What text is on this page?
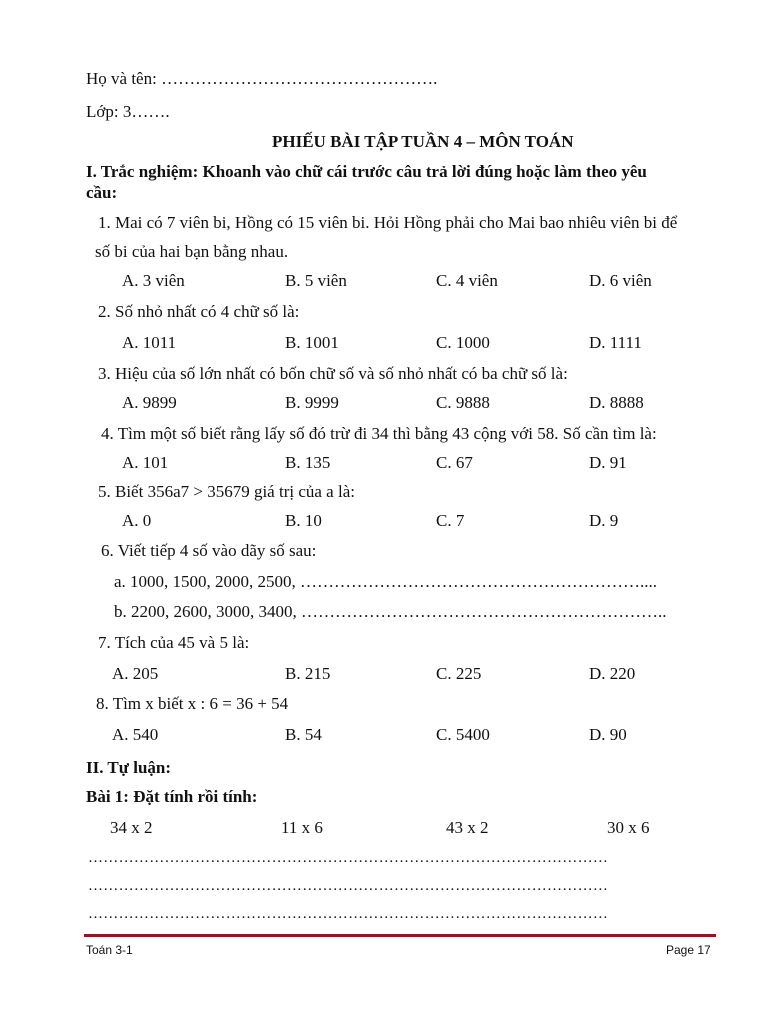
Họ và tên: ………………………………………….
Lớp: 3…….
PHIẾU BÀI TẬP TUẦN 4 – MÔN TOÁN
I. Trắc nghiệm: Khoanh vào chữ cái trước câu trả lời đúng hoặc làm theo yêu
cầu:
1. Mai có 7 viên bi, Hồng có 15 viên bi. Hỏi Hồng phải cho Mai bao nhiêu viên bi để
số bi của hai bạn bằng nhau.
A. 3 viên	B. 5 viên	C. 4 viên	D. 6 viên
2. Số nhỏ nhất có 4 chữ số là:
A. 1011	B. 1001	C. 1000	D. 1111
3. Hiệu của số lớn nhất có bốn chữ số và số nhỏ nhất có ba chữ số là:
A. 9899	B. 9999	C. 9888	D. 8888
4. Tìm một số biết rằng lấy số đó trừ đi 34 thì bằng 43 cộng với 58. Số cần tìm là:
A. 101	B. 135	C. 67	D. 91
5. Biết 356a7 > 35679 giá trị của a là:
A. 0	B. 10	C. 7	D. 9
6. Viết tiếp 4 số vào dãy số sau:
a. 1000, 1500, 2000, 2500, ……………………………………………………....
b. 2200, 2600, 3000, 3400, ………………………………………………………..
7. Tích của 45 và 5 là:
A. 205	B. 215	C. 225	D. 220
8. Tìm x biết x : 6 = 36 + 54
A. 540	B. 54	C. 5400	D. 90
II. Tự luận:
Bài 1: Đặt tính rồi tính:
34 x 2	11 x 6	43 x 2	30 x 6
…………………………………………………………………………………………
…………………………………………………………………………………………
…………………………………………………………………………………………
Toán 3-1	Page 17
